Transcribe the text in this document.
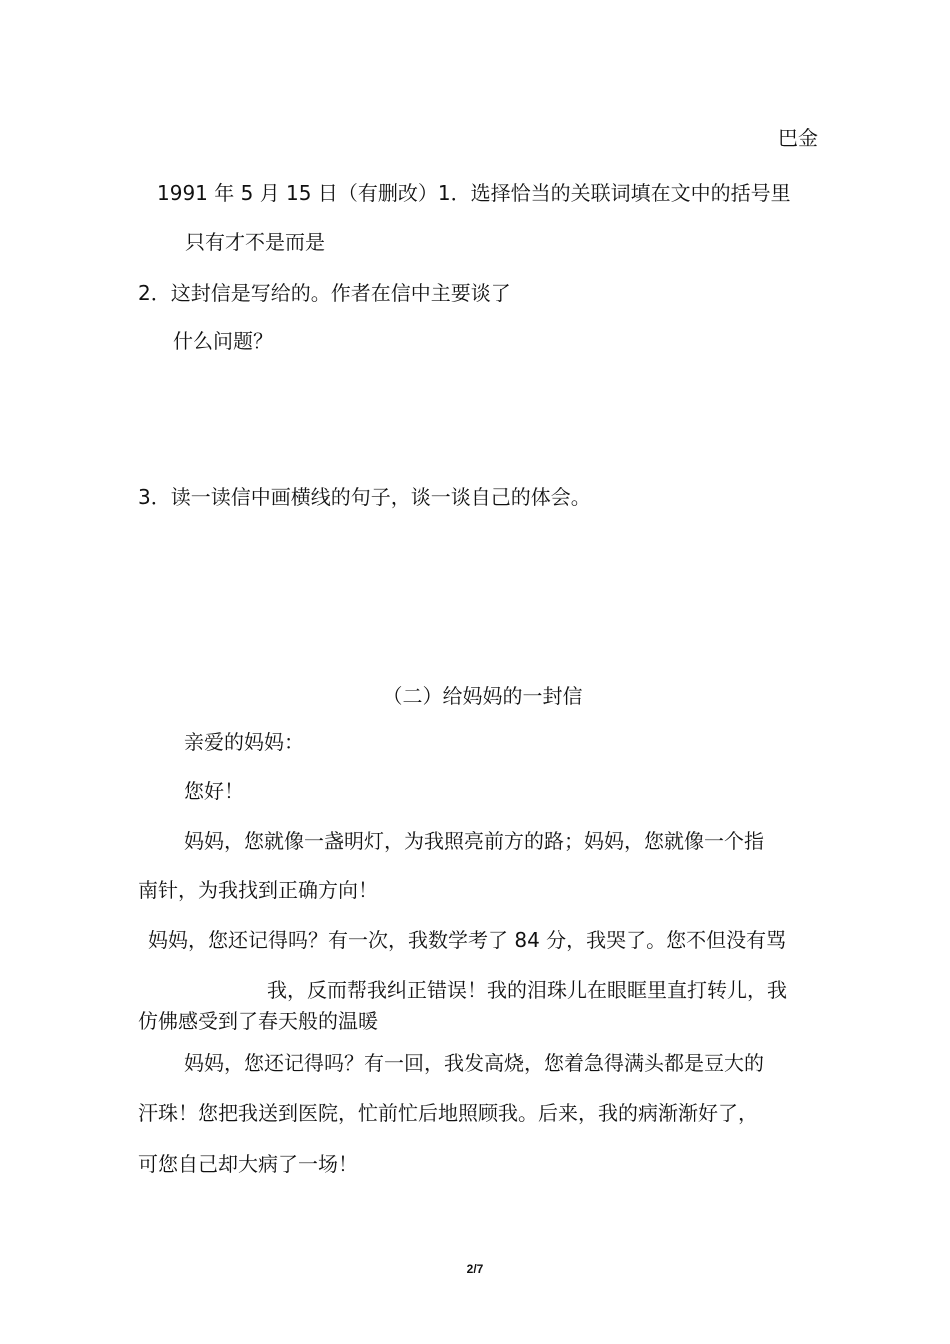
巴金
1991 年 5 月 15 日（有删改）1．选择恰当的关联词填在文中的括号里
只有才不是而是
2．这封信是写给的。作者在信中主要谈了
什么问题？
3．读一读信中画横线的句子，谈一谈自己的体会。
（二）给妈妈的一封信
亲爱的妈妈：
您好！
妈妈，您就像一盏明灯，为我照亮前方的路；妈妈，您就像一个指
南针，为我找到正确方向！
妈妈，您还记得吗？有一次，我数学考了 84 分，我哭了。您不但没有骂
我，反而帮我纠正错误！我的泪珠儿在眼眶里直打转儿，我
仿佛感受到了春天般的温暖
妈妈，您还记得吗？有一回，我发高烧，您着急得满头都是豆大的
汗珠！您把我送到医院，忙前忙后地照顾我。后来，我的病渐渐好了，
可您自己却大病了一场！
2/7
